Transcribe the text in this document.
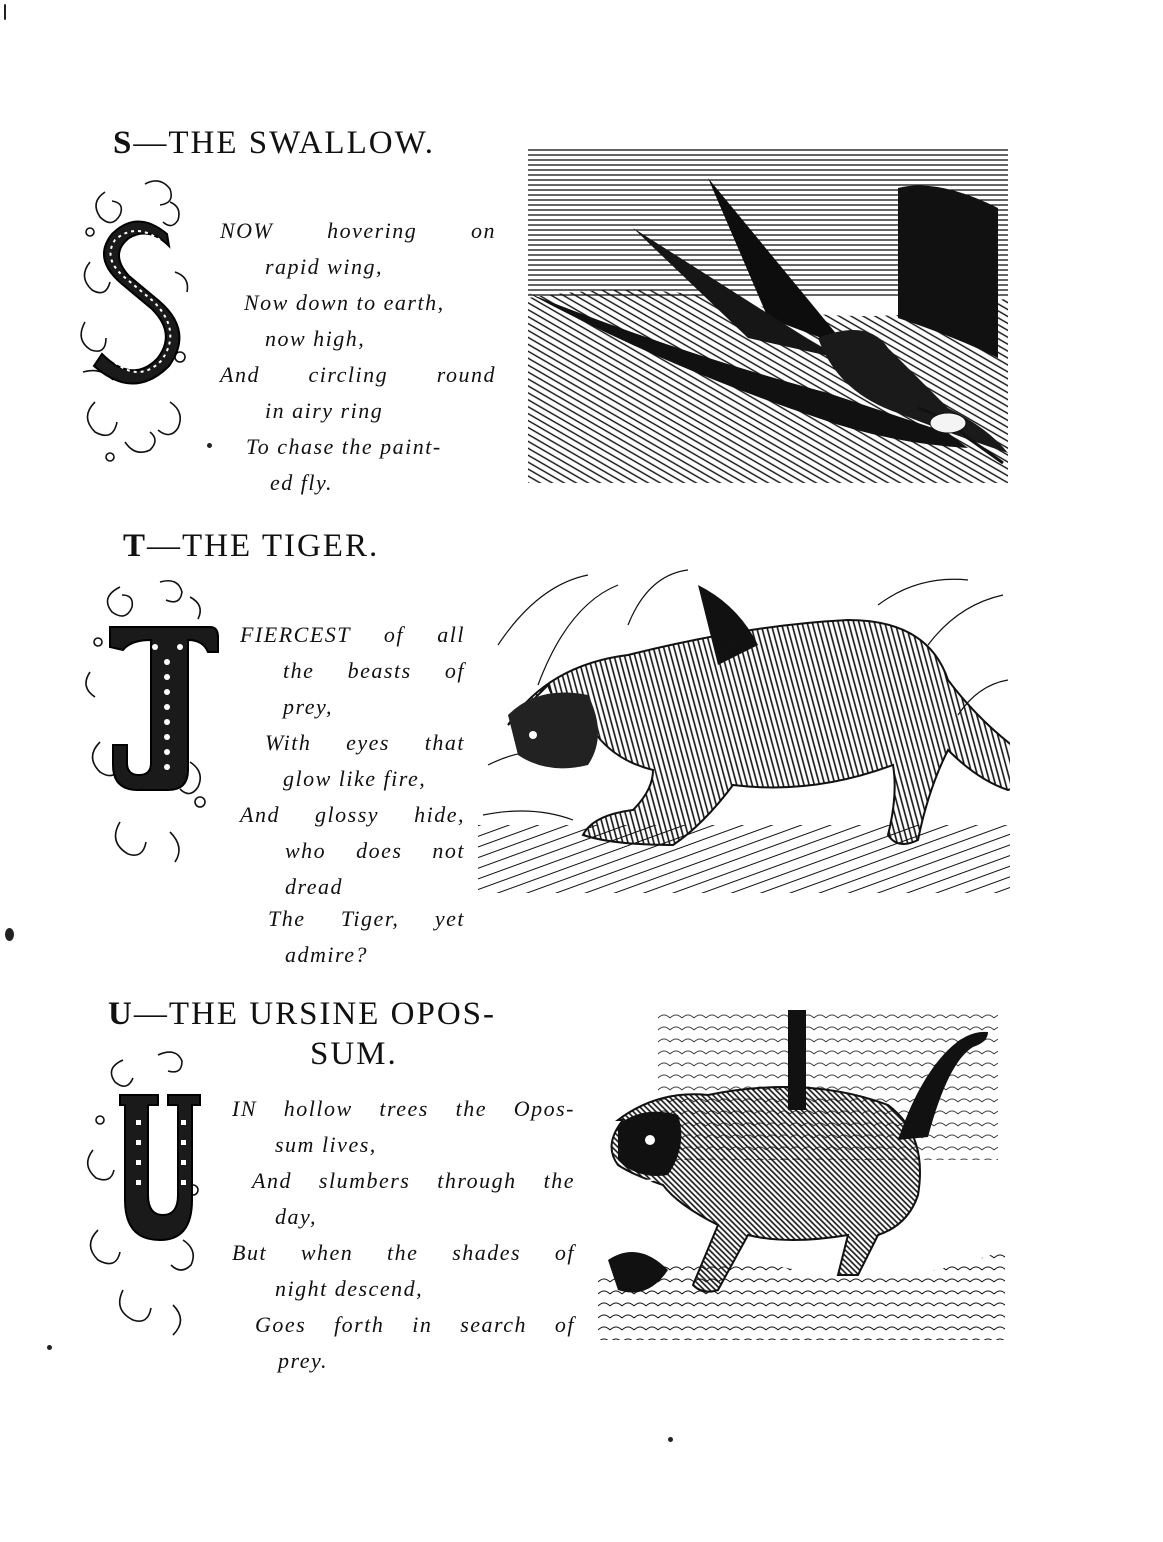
S—THE SWALLOW.
NOW hovering on
rapid wing,
Now down to earth,
now high,
And circling round
in airy ring
To chase the paint-
ed fly.
T—THE TIGER.
FIERCEST of all
the beasts of
prey,
With eyes that
glow like fire,
And glossy hide,
who does not
dread
The Tiger, yet
admire?
U—THE URSINE OPOS-
SUM.
IN hollow trees the Opos-
sum lives,
And slumbers through the
day,
But when the shades of
night descend,
Goes forth in search of
prey.
